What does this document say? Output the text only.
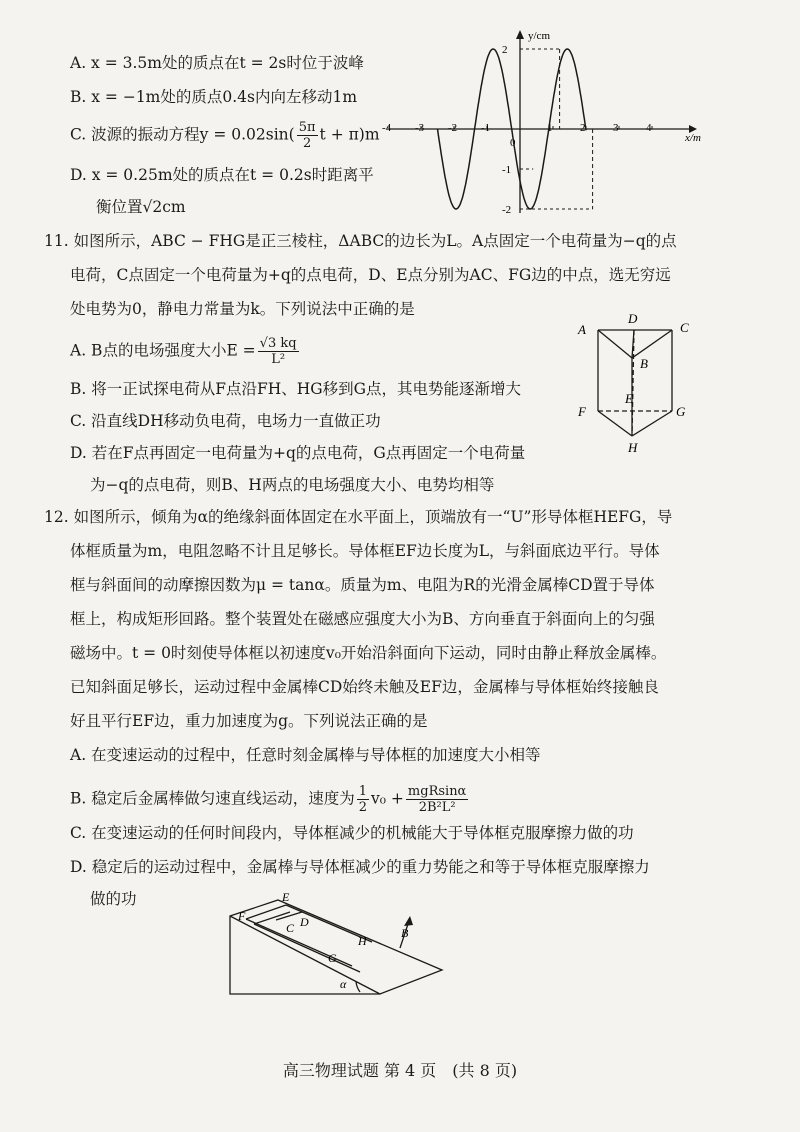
A. x = 3.5m处的质点在t = 2s时位于波峰
B. x = −1m处的质点0.4s内向左移动1m
C. 波源的振动方程$y = 0.02\sin( \frac{5\pi}{2}$ t + π)m
D. x = 0.25m处的质点在t = 0.2s时距离平
衡位置√2cm
-4 -3 -2 -1	1	2	3	4
0
2
-1
-2
y/cm
x/m
11. 如图所示，ABC − FHG是正三棱柱，ΔABC的边长为L。A点固定一个电荷量为−q的点
电荷，C点固定一个电荷量为+q的点电荷，D、E点分别为AC、FG边的中点，选无穷远
处电势为0，静电力常量为k。下列说法中正确的是
A. B点的电场强度大小$E = \frac{√3 kq}{\text{L²}}$
B. 将一正试探电荷从F点沿FH、HG移到G点，其电势能逐渐增大
C. 沿直线DH移动负电荷，电场力一直做正功
D. 若在F点再固定一电荷量为+q的点电荷，G点再固定一个电荷量
为−q的点电荷，则B、H两点的电场强度大小、电势均相等
A
D
C
B
E
F	G
H
12. 如图所示，倾角为α的绝缘斜面体固定在水平面上，顶端放有一“U”形导体框HEFG，导
体框质量为m，电阻忽略不计且足够长。导体框EF边长度为L，与斜面底边平行。导体
框与斜面间的动摩擦因数为μ = tanα。质量为m、电阻为R的光滑金属棒CD置于导体
框上，构成矩形回路。整个装置处在磁感应强度大小为B、方向垂直于斜面向上的匀强
磁场中。t = 0时刻使导体框以初速度v₀开始沿斜面向下运动，同时由静止释放金属棒。
已知斜面足够长，运动过程中金属棒CD始终未触及EF边，金属棒与导体框始终接触良
好且平行EF边，重力加速度为g。下列说法正确的是
A. 在变速运动的过程中，任意时刻金属棒与导体框的加速度大小相等
B. 稳定后金属棒做匀速直线运动，速度为 $\frac{1}{2} v_0 + \frac{\text{mgRsinα}}{\text{2B²L²}}$
C. 在变速运动的任何时间段内，导体框减少的机械能大于导体框克服摩擦力做的功
D. 稳定后的运动过程中，金属棒与导体框减少的重力势能之和等于导体框克服摩擦力
做的功	E
F
C D
H
G
B
α
高三物理试题 第 4 页　(共 8 页)
